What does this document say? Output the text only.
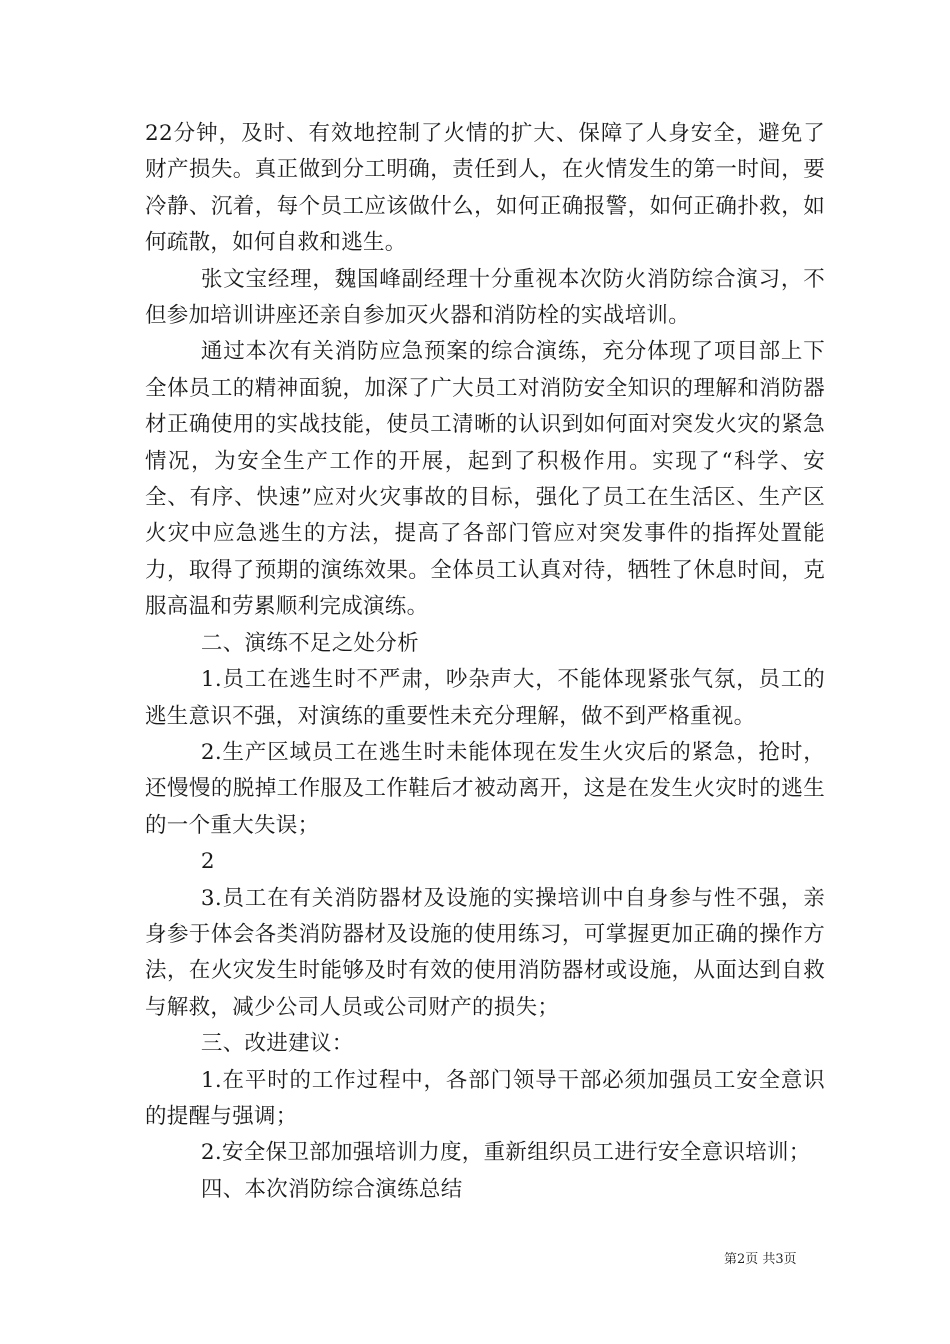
22分钟，及时、有效地控制了火情的扩大、保障了人身安全，避免了财产损失。真正做到分工明确，责任到人，在火情发生的第一时间，要冷静、沉着，每个员工应该做什么，如何正确报警，如何正确扑救，如何疏散，如何自救和逃生。

张文宝经理，魏国峰副经理十分重视本次防火消防综合演习，不但参加培训讲座还亲自参加灭火器和消防栓的实战培训。

通过本次有关消防应急预案的综合演练，充分体现了项目部上下全体员工的精神面貌，加深了广大员工对消防安全知识的理解和消防器材正确使用的实战技能，使员工清晰的认识到如何面对突发火灾的紧急情况，为安全生产工作的开展，起到了积极作用。实现了“科学、安全、有序、快速”应对火灾事故的目标，强化了员工在生活区、生产区火灾中应急逃生的方法，提高了各部门管应对突发事件的指挥处置能力，取得了预期的演练效果。全体员工认真对待，牺牲了休息时间，克服高温和劳累顺利完成演练。

二、演练不足之处分析

1.员工在逃生时不严肃，吵杂声大，不能体现紧张气氛，员工的逃生意识不强，对演练的重要性未充分理解，做不到严格重视。

2.生产区域员工在逃生时未能体现在发生火灾后的紧急，抢时，还慢慢的脱掉工作服及工作鞋后才被动离开，这是在发生火灾时的逃生的一个重大失误；

2

3.员工在有关消防器材及设施的实操培训中自身参与性不强，亲身参于体会各类消防器材及设施的使用练习，可掌握更加正确的操作方法，在火灾发生时能够及时有效的使用消防器材或设施，从面达到自救与解救，减少公司人员或公司财产的损失；

三、改进建议：

1.在平时的工作过程中，各部门领导干部必须加强员工安全意识的提醒与强调；

2.安全保卫部加强培训力度，重新组织员工进行安全意识培训；

四、本次消防综合演练总结

第2页 共3页
